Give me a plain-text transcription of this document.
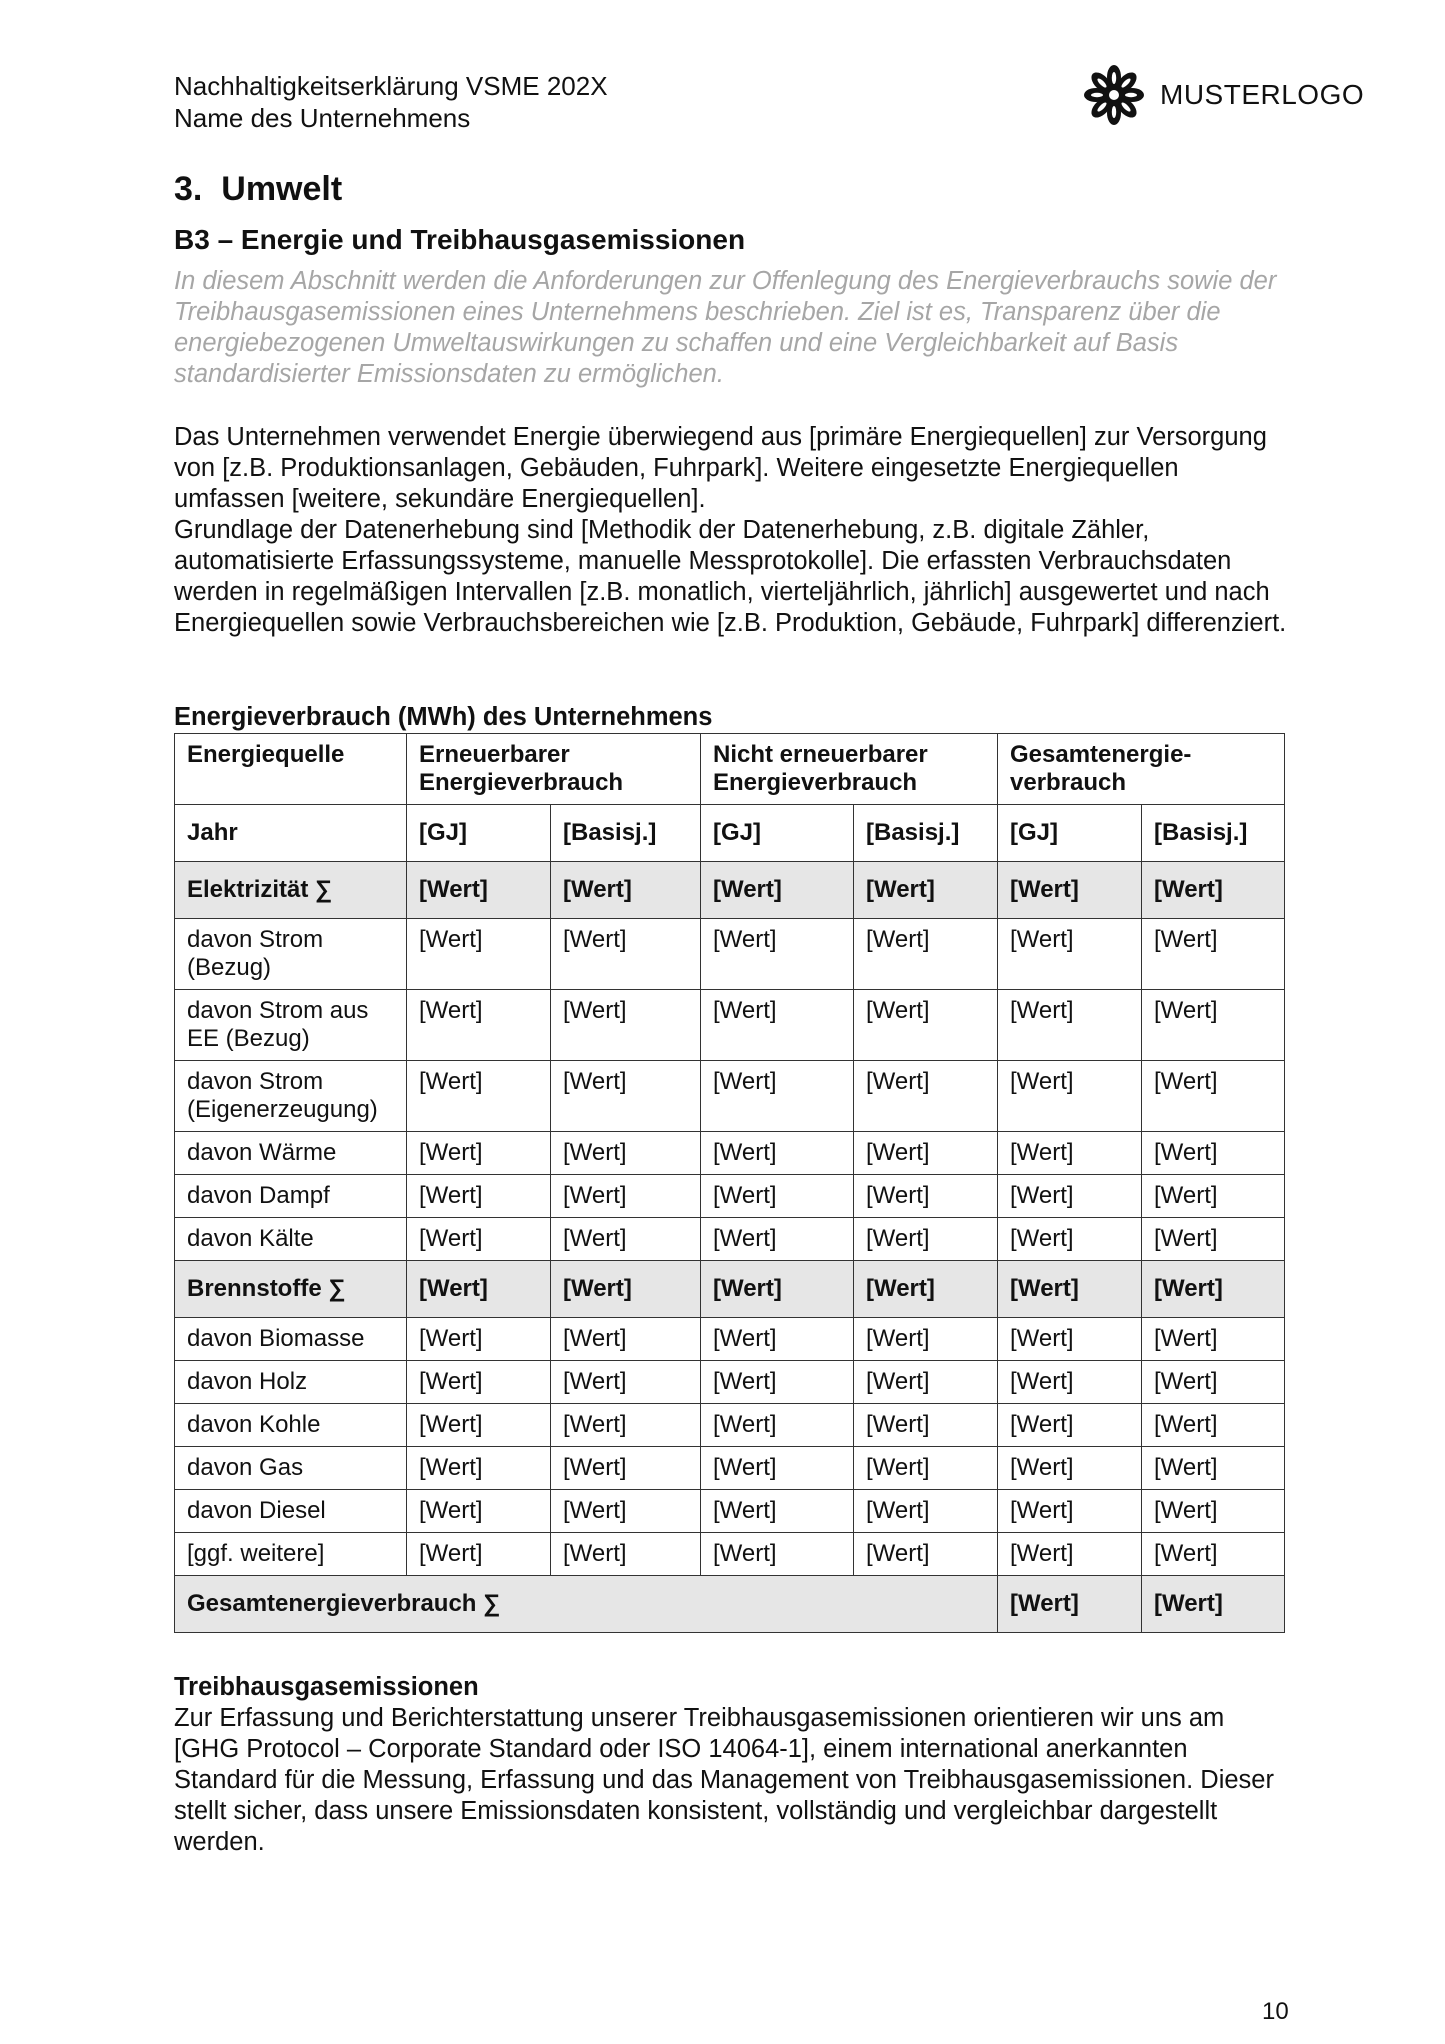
Nachhaltigkeitserklärung VSME 202X
Name des Unternehmens
MUSTERLOGO
3. Umwelt
B3 – Energie und Treibhausgasemissionen
In diesem Abschnitt werden die Anforderungen zur Offenlegung des Energieverbrauchs sowie der Treibhausgasemissionen eines Unternehmens beschrieben. Ziel ist es, Transparenz über die energiebezogenen Umweltauswirkungen zu schaffen und eine Vergleichbarkeit auf Basis standardisierter Emissionsdaten zu ermöglichen.

Das Unternehmen verwendet Energie überwiegend aus [primäre Energiequellen] zur Versorgung von [z.B. Produktionsanlagen, Gebäuden, Fuhrpark]. Weitere eingesetzte Energiequellen umfassen [weitere, sekundäre Energiequellen].

Grundlage der Datenerhebung sind [Methodik der Datenerhebung, z.B. digitale Zähler, automatisierte Erfassungssysteme, manuelle Messprotokolle]. Die erfassten Verbrauchsdaten werden in regelmäßigen Intervallen [z.B. monatlich, vierteljährlich, jährlich] ausgewertet und nach Energiequellen sowie Verbrauchsbereichen wie [z.B. Produktion, Gebäude, Fuhrpark] differenziert.

Energieverbrauch (MWh) des Unternehmens
Energiequelle	Erneuerbarer Energieverbrauch		Nicht erneuerbarer Energieverbrauch		Gesamtenergie-verbrauch	
Jahr	[GJ]	[Basisj.]	[GJ]	[Basisj.]	[GJ]	[Basisj.]
Elektrizität ∑	[Wert]	[Wert]	[Wert]	[Wert]	[Wert]	[Wert]
davon Strom (Bezug)	[Wert]	[Wert]	[Wert]	[Wert]	[Wert]	[Wert]
davon Strom aus EE (Bezug)	[Wert]	[Wert]	[Wert]	[Wert]	[Wert]	[Wert]
davon Strom (Eigenerzeugung)	[Wert]	[Wert]	[Wert]	[Wert]	[Wert]	[Wert]
davon Wärme	[Wert]	[Wert]	[Wert]	[Wert]	[Wert]	[Wert]
davon Dampf	[Wert]	[Wert]	[Wert]	[Wert]	[Wert]	[Wert]
davon Kälte	[Wert]	[Wert]	[Wert]	[Wert]	[Wert]	[Wert]
Brennstoffe ∑	[Wert]	[Wert]	[Wert]	[Wert]	[Wert]	[Wert]
davon Biomasse	[Wert]	[Wert]	[Wert]	[Wert]	[Wert]	[Wert]
davon Holz	[Wert]	[Wert]	[Wert]	[Wert]	[Wert]	[Wert]
davon Kohle	[Wert]	[Wert]	[Wert]	[Wert]	[Wert]	[Wert]
davon Gas	[Wert]	[Wert]	[Wert]	[Wert]	[Wert]	[Wert]
davon Diesel	[Wert]	[Wert]	[Wert]	[Wert]	[Wert]	[Wert]
[ggf. weitere]	[Wert]	[Wert]	[Wert]	[Wert]	[Wert]	[Wert]
Gesamtenergieverbrauch ∑					[Wert]	[Wert]
Treibhausgasemissionen
Zur Erfassung und Berichterstattung unserer Treibhausgasemissionen orientieren wir uns am [GHG Protocol – Corporate Standard oder ISO 14064-1], einem international anerkannten Standard für die Messung, Erfassung und das Management von Treibhausgasemissionen. Dieser stellt sicher, dass unsere Emissionsdaten konsistent, vollständig und vergleichbar dargestellt werden.
10
